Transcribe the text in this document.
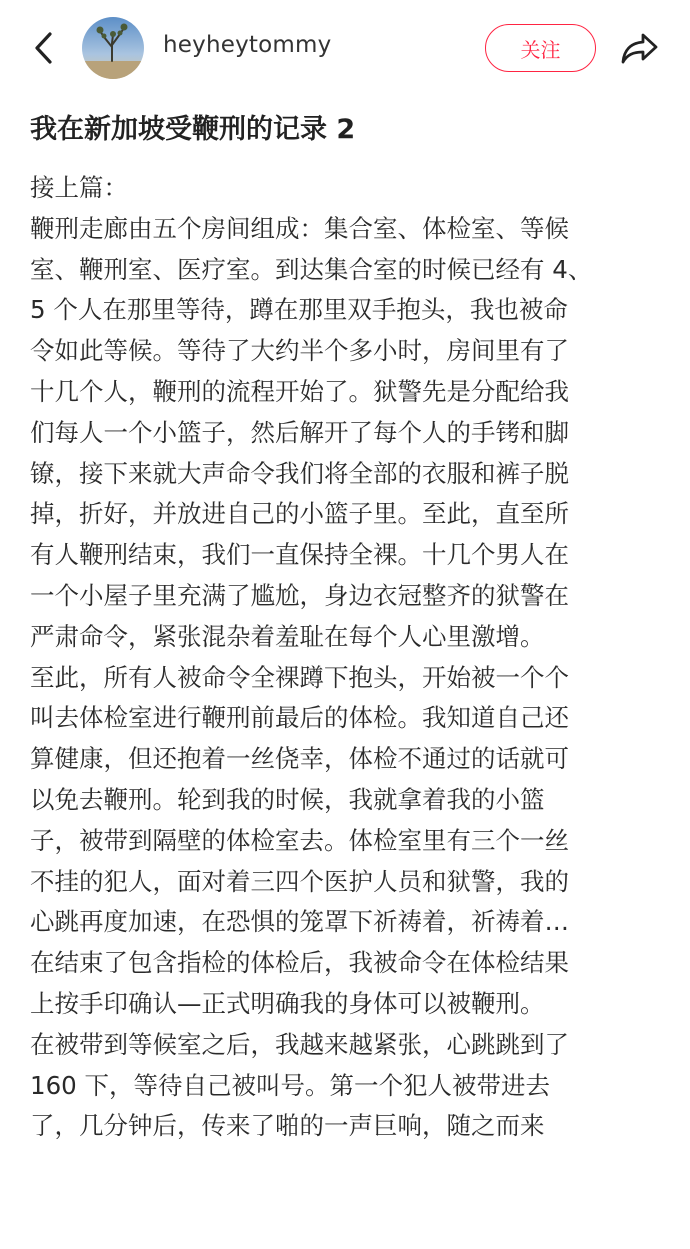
heyheytommy	关注
我在新加坡受鞭刑的记录 2
接上篇：
鞭刑走廊由五个房间组成：集合室、体检室、等候
室、鞭刑室、医疗室。到达集合室的时候已经有 4、
5 个人在那里等待，蹲在那里双手抱头，我也被命
令如此等候。等待了大约半个多小时，房间里有了
十几个人，鞭刑的流程开始了。狱警先是分配给我
们每人一个小篮子，然后解开了每个人的手铐和脚
镣，接下来就大声命令我们将全部的衣服和裤子脱
掉，折好，并放进自己的小篮子里。至此，直至所
有人鞭刑结束，我们一直保持全裸。十几个男人在
一个小屋子里充满了尴尬，身边衣冠整齐的狱警在
严肃命令，紧张混杂着羞耻在每个人心里激增。
至此，所有人被命令全裸蹲下抱头，开始被一个个
叫去体检室进行鞭刑前最后的体检。我知道自己还
算健康，但还抱着一丝侥幸，体检不通过的话就可
以免去鞭刑。轮到我的时候，我就拿着我的小篮
子，被带到隔壁的体检室去。体检室里有三个一丝
不挂的犯人，面对着三四个医护人员和狱警，我的
心跳再度加速，在恐惧的笼罩下祈祷着，祈祷着…
在结束了包含指检的体检后，我被命令在体检结果
上按手印确认—正式明确我的身体可以被鞭刑。
在被带到等候室之后，我越来越紧张，心跳跳到了
160 下，等待自己被叫号。第一个犯人被带进去
了，几分钟后，传来了啪的一声巨响，随之而来
